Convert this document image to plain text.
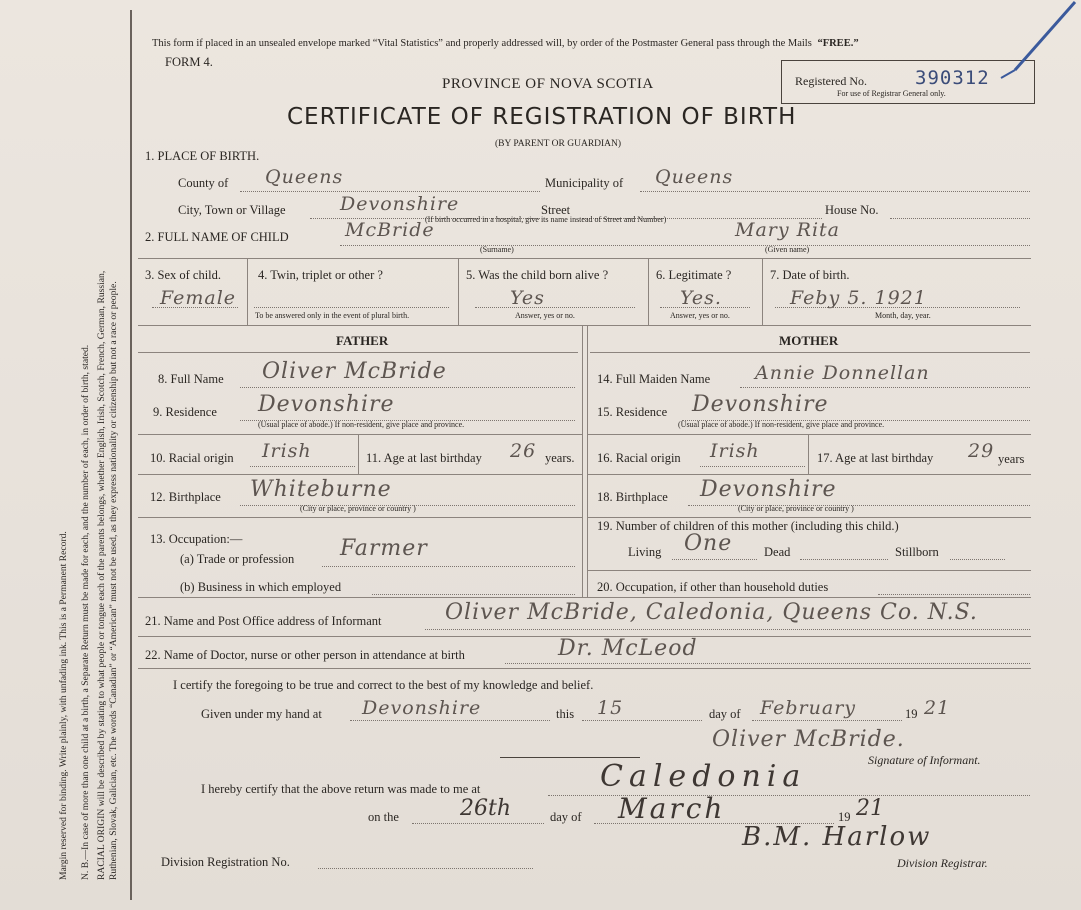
Margin reserved for binding. Write plainly, with unfading ink. This is a Permanent Record. N. B.—In case of more than one child at a birth, a Separate Return must be made for each, and the number of each, in order of birth, stated. RACIAL ORIGIN will be described by stating to what people or tongue each of the parents belongs, whether English, Irish, Scotch, French, German, Russian, Ruthenian, Slovak, Galician, etc. The words “Canadian” or “American” must not be used, as they express nationality or citizenship but not a race or people.
This form if placed in an unsealed envelope marked “Vital Statistics” and properly addressed will, by order of the Postmaster General pass through the Mails “FREE.”
FORM 4.
PROVINCE OF NOVA SCOTIA
CERTIFICATE OF REGISTRATION OF BIRTH
(BY PARENT OR GUARDIAN)
Registered No.	390312
For use of Registrar General only.
1. PLACE OF BIRTH.
County of Queens	Municipality of Queens
City, Town or Village	Devonshire	Street	House No.
(If birth occurred in a hospital, give its name instead of Street and Number)
2. FULL NAME OF CHILD	McBride
(Surname)
Mary Rita
(Given name)
3. Sex of child.
Female
4. Twin, triplet or other ?
To be answered only in the event of plural birth.
5. Was the child born alive ?
Yes
Answer, yes or no.
6. Legitimate ?
Yes.
Answer, yes or no.
7. Date of birth.
Feby 5. 1921
Month, day, year.
FATHER	MOTHER
8. Full Name Oliver McBride
9. Residence Devonshire
(Usual place of abode.) If non-resident, give place and province.
10. Racial origin Irish	11. Age at last birthday 26 years.
12. Birthplace Whiteburne
(City or place, province or country )
13. Occupation:—
(a) Trade or profession Farmer
(b) Business in which employed
14. Full Maiden Name Annie Donnellan
15. Residence Devonshire
(Usual place of abode.) If non-resident, give place and province.
16. Racial origin Irish	17. Age at last birthday 29 years
18. Birthplace Devonshire
(City or place, province or country )
19. Number of children of this mother (including this child.)
Living One	Dead	Stillborn
20. Occupation, if other than household duties
21. Name and Post Office address of Informant	Oliver McBride, Caledonia, Queens Co. N.S.
22. Name of Doctor, nurse or other person in attendance at birth	Dr. McLeod
I certify the foregoing to be true and correct to the best of my knowledge and belief.
Given under my hand at Devonshire	this 15	day of February	19 21
Oliver McBride.
Signature of Informant.
I hereby certify that the above return was made to me at	Caledonia
on the	26th	day of March	19 21
Division Registration No.
B.M. Harlow
Division Registrar.
